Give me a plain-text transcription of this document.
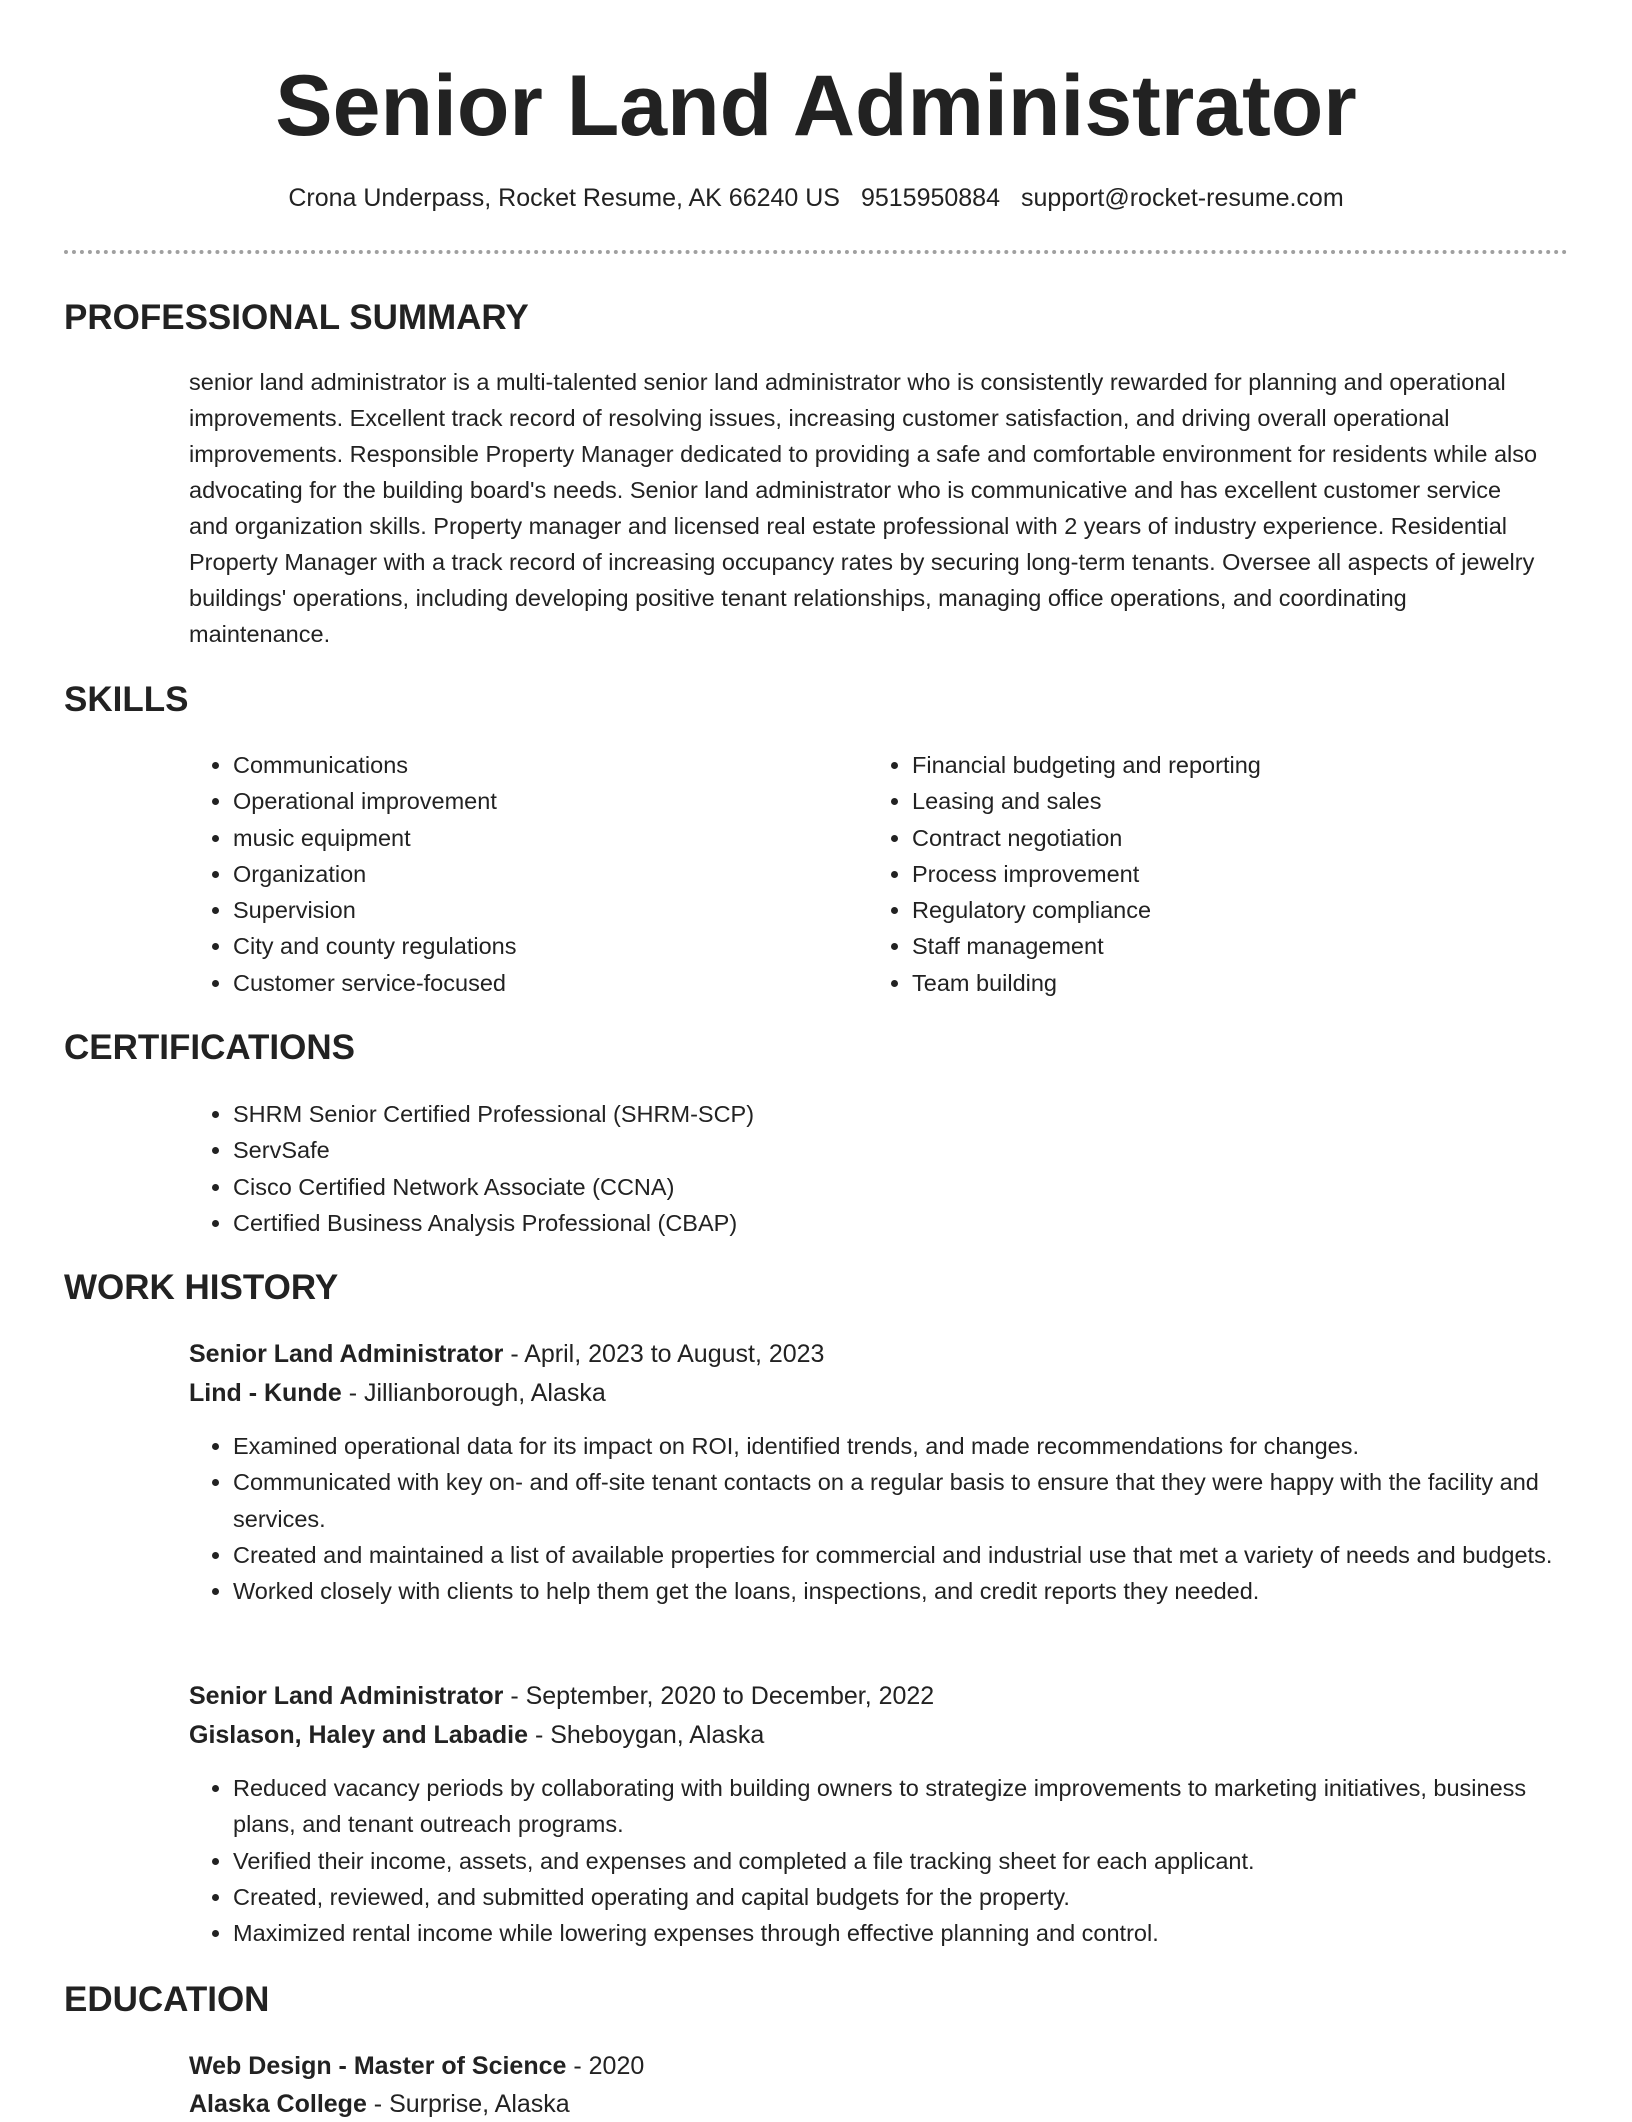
Senior Land Administrator
Crona Underpass, Rocket Resume, AK 66240 US 9515950884 support@rocket-resume.com
PROFESSIONAL SUMMARY

senior land administrator is a multi-talented senior land administrator who is consistently rewarded for planning and operational improvements. Excellent track record of resolving issues, increasing customer satisfaction, and driving overall operational improvements. Responsible Property Manager dedicated to providing a safe and comfortable environment for residents while also advocating for the building board's needs. Senior land administrator who is communicative and has excellent customer service and organization skills. Property manager and licensed real estate professional with 2 years of industry experience. Residential Property Manager with a track record of increasing occupancy rates by securing long-term tenants. Oversee all aspects of jewelry buildings' operations, including developing positive tenant relationships, managing office operations, and coordinating maintenance.

SKILLS
• Communications
• Operational improvement
• music equipment
• Organization
• Supervision
• City and county regulations
• Customer service-focused
• Financial budgeting and reporting
• Leasing and sales
• Contract negotiation
• Process improvement
• Regulatory compliance
• Staff management
• Team building
CERTIFICATIONS
• SHRM Senior Certified Professional (SHRM-SCP)
• ServSafe
• Cisco Certified Network Associate (CCNA)
• Certified Business Analysis Professional (CBAP)
WORK HISTORY
Senior Land Administrator - April, 2023 to August, 2023
Lind - Kunde - Jillianborough, Alaska
• Examined operational data for its impact on ROI, identified trends, and made recommendations for changes.
• Communicated with key on- and off-site tenant contacts on a regular basis to ensure that they were happy with the facility and services.
• Created and maintained a list of available properties for commercial and industrial use that met a variety of needs and budgets.
• Worked closely with clients to help them get the loans, inspections, and credit reports they needed.
Senior Land Administrator - September, 2020 to December, 2022
Gislason, Haley and Labadie - Sheboygan, Alaska
• Reduced vacancy periods by collaborating with building owners to strategize improvements to marketing initiatives, business plans, and tenant outreach programs.
• Verified their income, assets, and expenses and completed a file tracking sheet for each applicant.
• Created, reviewed, and submitted operating and capital budgets for the property.
• Maximized rental income while lowering expenses through effective planning and control.
EDUCATION
Web Design - Master of Science - 2020
Alaska College - Surprise, Alaska
